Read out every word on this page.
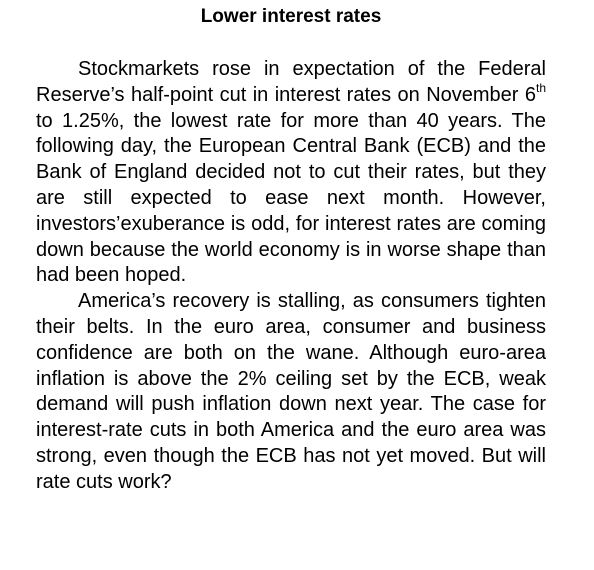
Lower interest rates

Stockmarkets rose in expectation of the Federal Reserve’s half-point cut in interest rates on November 6th to 1.25%, the lowest rate for more than 40 years. The following day, the European Central Bank (ECB) and the Bank of England decided not to cut their rates, but they are still expected to ease next month. However, investors’exuberance is odd, for interest rates are coming down because the world economy is in worse shape than had been hoped.

America’s recovery is stalling, as consumers tighten their belts. In the euro area, consumer and business confidence are both on the wane. Although euro-area inflation is above the 2% ceiling set by the ECB, weak demand will push inflation down next year. The case for interest-rate cuts in both America and the euro area was strong, even though the ECB has not yet moved. But will rate cuts work?
